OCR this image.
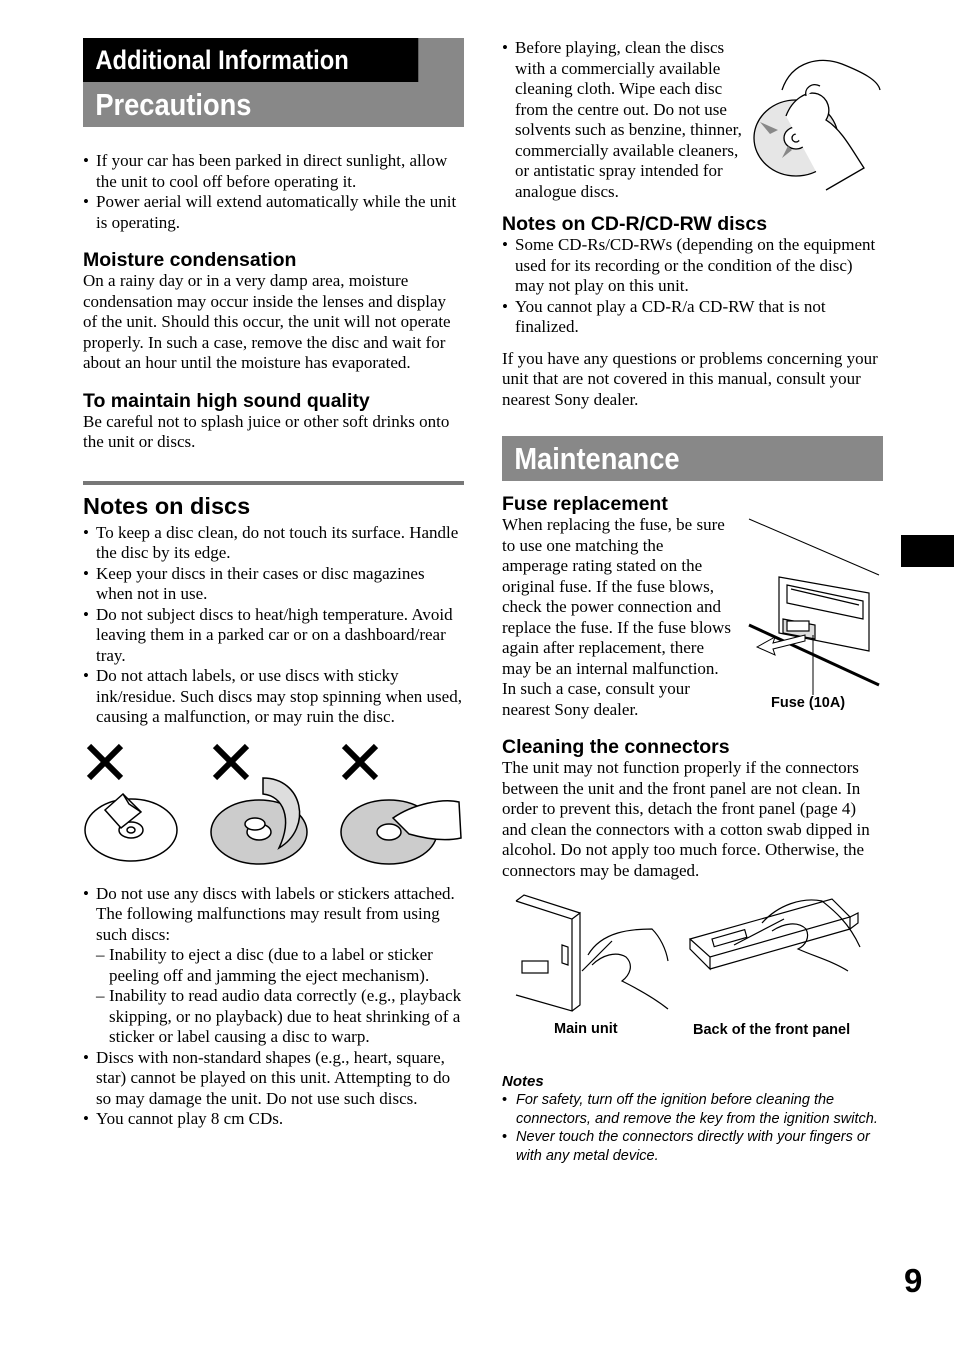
Additional Information
Precautions
• If your car has been parked in direct sunlight, allow the unit to cool off before operating it.
• Power aerial will extend automatically while the unit is operating.
Moisture condensation

On a rainy day or in a very damp area, moisture condensation may occur inside the lenses and display of the unit. Should this occur, the unit will not operate properly. In such a case, remove the disc and wait for about an hour until the moisture has evaporated.

To maintain high sound quality

Be careful not to splash juice or other soft drinks onto the unit or discs.

Notes on discs
• To keep a disc clean, do not touch its surface. Handle the disc by its edge.
• Keep your discs in their cases or disc magazines when not in use.
• Do not subject discs to heat/high temperature. Avoid leaving them in a parked car or on a dashboard/rear tray.
• Do not attach labels, or use discs with sticky ink/residue. Such discs may stop spinning when used, causing a malfunction, or may ruin the disc.
• Do not use any discs with labels or stickers attached.
The following malfunctions may result from using such discs:
– Inability to eject a disc (due to a label or sticker peeling off and jamming the eject mechanism).
– Inability to read audio data correctly (e.g., playback skipping, or no playback) due to heat shrinking of a sticker or label causing a disc to warp.
• Discs with non-standard shapes (e.g., heart, square, star) cannot be played on this unit. Attempting to do so may damage the unit. Do not use such discs.
• You cannot play 8 cm CDs.
• Before playing, clean the discs with a commercially available cleaning cloth. Wipe each disc from the centre out. Do not use solvents such as benzine, thinner, commercially available cleaners, or antistatic spray intended for analogue discs.
Notes on CD-R/CD-RW discs
• Some CD-Rs/CD-RWs (depending on the equipment used for its recording or the condition of the disc) may not play on this unit.
• You cannot play a CD-R/a CD-RW that is not finalized.

If you have any questions or problems concerning your unit that are not covered in this manual, consult your nearest Sony dealer.

Maintenance
Fuse replacement

When replacing the fuse, be sure to use one matching the amperage rating stated on the original fuse. If the fuse blows, check the power connection and replace the fuse. If the fuse blows again after replacement, there may be an internal malfunction. In such a case, consult your nearest Sony dealer.	Fuse (10A)
Cleaning the connectors

The unit may not function properly if the connectors between the unit and the front panel are not clean. In order to prevent this, detach the front panel (page 4) and clean the connectors with a cotton swab dipped in alcohol. Do not apply too much force. Otherwise, the connectors may be damaged.

Main unit	Back of the front panel
Notes
• For safety, turn off the ignition before cleaning the connectors, and remove the key from the ignition switch.
• Never touch the connectors directly with your fingers or with any metal device.
9
